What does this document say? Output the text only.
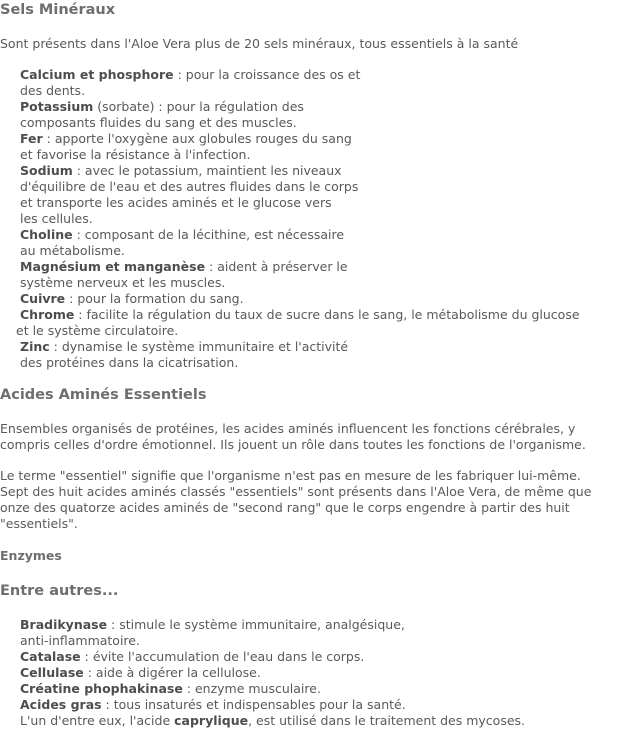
Sels Minéraux

Sont présents dans l'Aloe Vera plus de 20 sels minéraux, tous essentiels à la santé

Calcium et phosphore : pour la croissance des os et
des dents.
Potassium (sorbate) : pour la régulation des
composants fluides du sang et des muscles.
Fer : apporte l'oxygène aux globules rouges du sang
et favorise la résistance à l'infection.
Sodium : avec le potassium, maintient les niveaux
d'équilibre de l'eau et des autres fluides dans le corps
et transporte les acides aminés et le glucose vers
les cellules.
Choline : composant de la lécithine, est nécessaire
au métabolisme.
Magnésium et manganèse : aident à préserver le
système nerveux et les muscles.
Cuivre : pour la formation du sang.
Chrome : facilite la régulation du taux de sucre dans le sang, le métabolisme du glucose
et le système circulatoire.
Zinc : dynamise le système immunitaire et l'activité
des protéines dans la cicatrisation.
Acides Aminés Essentiels

Ensembles organisés de protéines, les acides aminés influencent les fonctions cérébrales, y
compris celles d'ordre émotionnel. Ils jouent un rôle dans toutes les fonctions de l'organisme.

Le terme "essentiel" signifie que l'organisme n'est pas en mesure de les fabriquer lui-même.
Sept des huit acides aminés classés "essentiels" sont présents dans l'Aloe Vera, de même que
onze des quatorze acides aminés de "second rang" que le corps engendre à partir des huit
"essentiels".

Enzymes
Entre autres...
Bradikynase : stimule le système immunitaire, analgésique,
anti-inflammatoire.
Catalase : évite l'accumulation de l'eau dans le corps.
Cellulase : aide à digérer la cellulose.
Créatine phophakinase : enzyme musculaire.
Acides gras : tous insaturés et indispensables pour la santé.
L'un d'entre eux, l'acide caprylique, est utilisé dans le traitement des mycoses.
